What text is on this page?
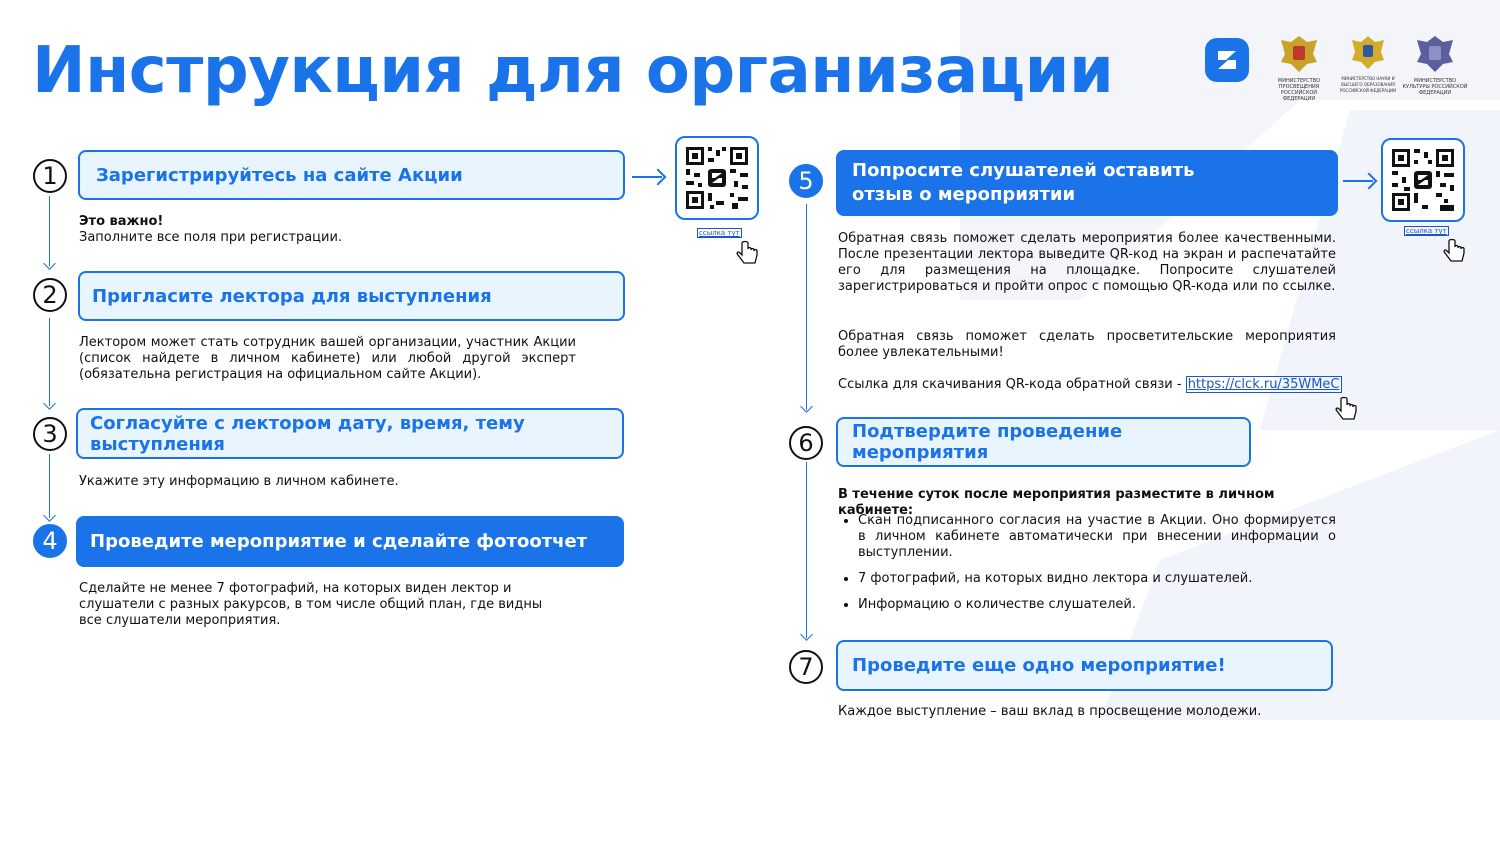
Инструкция для организации	МИНИСТЕРСТВО ПРОСВЕЩЕНИЯ РОССИЙСКОЙ ФЕДЕРАЦИИ
МИНИСТЕРСТВО НАУКИ И ВЫСШЕГО ОБРАЗОВАНИЯ РОССИЙСКОЙ ФЕДЕРАЦИИ
МИНИСТЕРСТВО КУЛЬТУРЫ РОССИЙСКОЙ ФЕДЕРАЦИИ
1	Зарегистрируйтесь на сайте Акции
Это важно!
Заполните все поля при регистрации.
2	Пригласите лектора для выступления
Лектором может стать сотрудник вашей организации, участник Акции (список найдете в личном кабинете) или любой другой эксперт (обязательна регистрация на официальном сайте Акции).
3	Согласуйте с лектором дату, время, тему выступления
Укажите эту информацию в личном кабинете.
4	Проведите мероприятие и сделайте фотоотчет
Сделайте не менее 7 фотографий, на которых виден лектор и слушатели с разных ракурсов, в том числе общий план, где видны все слушатели мероприятия.
ссылка тут
5	Попросите слушателей оставить отзыв о мероприятии
Обратная связь поможет сделать мероприятия более качественными. После презентации лектора выведите QR-код на экран и распечатайте его для размещения на площадке. Попросите слушателей зарегистрироваться и пройти опрос с помощью QR-кода или по ссылке.
Обратная связь поможет сделать просветительские мероприятия более увлекательными!
Ссылка для скачивания QR-кода обратной связи - https://clck.ru/35WMeC
ссылка тут
6	Подтвердите проведение мероприятия
В течение суток после мероприятия разместите в личном кабинете:
• Скан подписанного согласия на участие в Акции. Оно формируется в личном кабинете автоматически при внесении информации о выступлении.
• 7 фотографий, на которых видно лектора и слушателей.
• Информацию о количестве слушателей.
7	Проведите еще одно мероприятие!
Каждое выступление – ваш вклад в просвещение молодежи.
